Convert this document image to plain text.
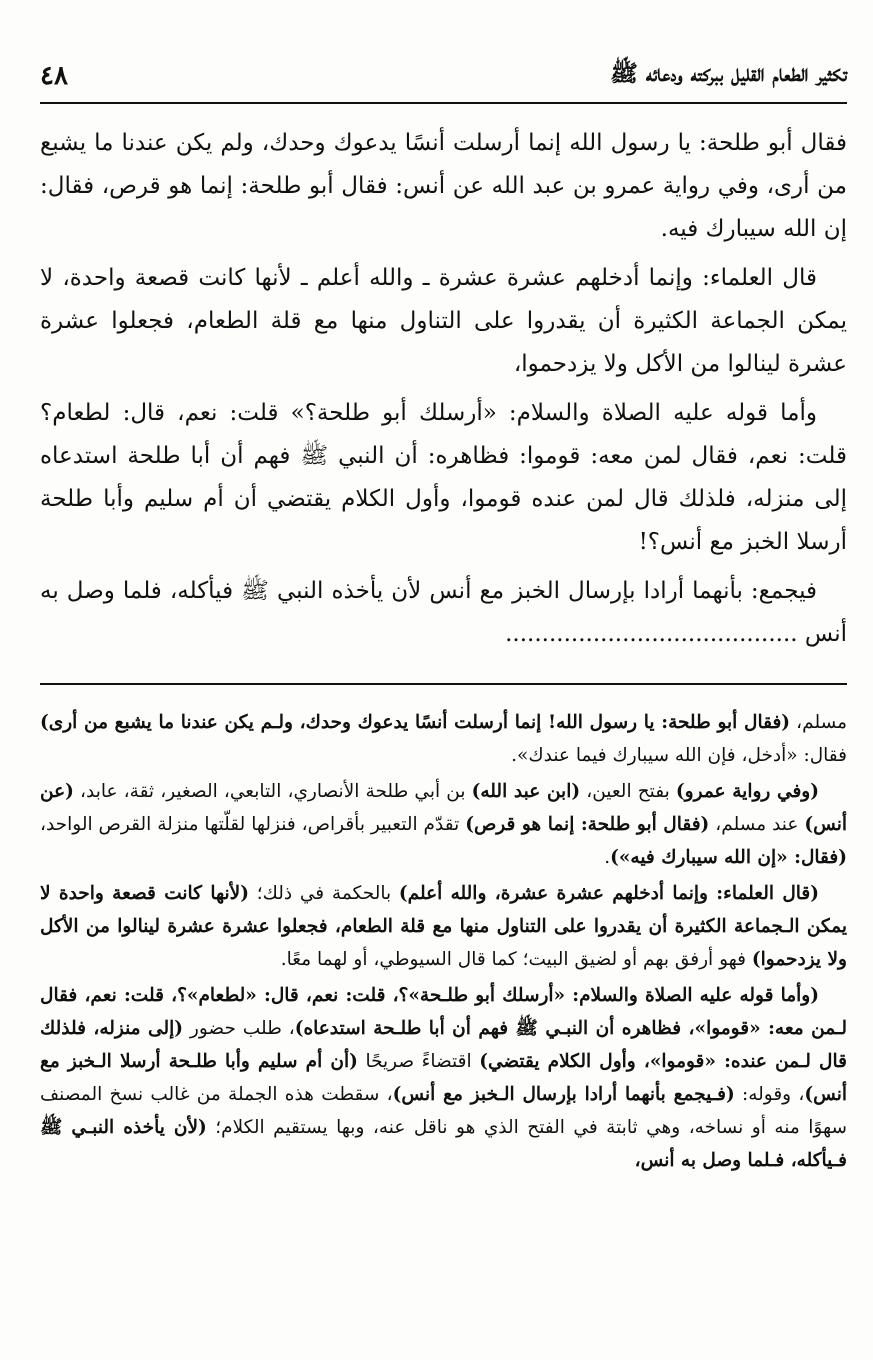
تكثير الطعام القليل ببركته ودعائه ﷺ
٤٨

فقال أبو طلحة: يا رسول الله إنما أرسلت أنسًا يدعوك وحدك، ولم يكن عندنا ما يشبع من أرى، وفي رواية عمرو بن عبد الله عن أنس: فقال أبو طلحة: إنما هو قرص، فقال: إن الله سيبارك فيه.

قال العلماء: وإنما أدخلهم عشرة عشرة ـ والله أعلم ـ لأنها كانت قصعة واحدة، لا يمكن الجماعة الكثيرة أن يقدروا على التناول منها مع قلة الطعام، فجعلوا عشرة عشرة لينالوا من الأكل ولا يزدحموا،

وأما قوله عليه الصلاة والسلام: «أرسلك أبو طلحة؟» قلت: نعم، قال: لطعام؟ قلت: نعم، فقال لمن معه: قوموا: فظاهره: أن النبي ﷺ فهم أن أبا طلحة استدعاه إلى منزله، فلذلك قال لمن عنده قوموا، وأول الكلام يقتضي أن أم سليم وأبا طلحة أرسلا الخبز مع أنس؟!

فيجمع: بأنهما أرادا بإرسال الخبز مع أنس لأن يأخذه النبي ﷺ فيأكله، فلما وصل به أنس ........................................

مسلم، (فقال أبو طلحة: يا رسول الله! إنما أرسلت أنسًا يدعوك وحدك، ولـم يكن عندنا ما يشبع من أرى) فقال: «أدخل، فإن الله سيبارك فيما عندك».

(وفي رواية عمرو) بفتح العين، (ابن عبد الله) بن أبي طلحة الأنصاري، التابعي، الصغير، ثقة، عابد، (عن أنس) عند مسلم، (فقال أبو طلحة: إنما هو قرص) تقدّم التعبير بأقراص، فنزلها لقلّتها منزلة القرص الواحد، (فقال: «إن الله سيبارك فيه»).

(قال العلماء: وإنما أدخلهم عشرة عشرة، والله أعلم) بالحكمة في ذلك؛ (لأنها كانت قصعة واحدة لا يمكن الـجماعة الكثيرة أن يقدروا على التناول منها مع قلة الطعام، فجعلوا عشرة عشرة لينالوا من الأكل ولا يزدحموا) فهو أرفق بهم أو لضيق البيت؛ كما قال السيوطي، أو لهما معًا.

(وأما قوله عليه الصلاة والسلام: «أرسلك أبو طلـحة»؟، قلت: نعم، قال: «لطعام»؟، قلت: نعم، فقال لـمن معه: «قوموا»، فظاهره أن النبـي ﷺ فهم أن أبا طلـحة استدعاه)، طلب حضور (إلى منزله، فلذلك قال لـمن عنده: «قوموا»، وأول الكلام يقتضي) اقتضاءً صريحًا (أن أم سليم وأبا طلـحة أرسلا الـخبز مع أنس)، وقوله: (فـيجمع بأنهما أرادا بإرسال الـخبز مع أنس)، سقطت هذه الجملة من غالب نسخ المصنف سهوًا منه أو نساخه، وهي ثابتة في الفتح الذي هو ناقل عنه، وبها يستقيم الكلام؛ (لأن يأخذه النبـي ﷺ فـيأكله، فـلما وصل به أنس،
